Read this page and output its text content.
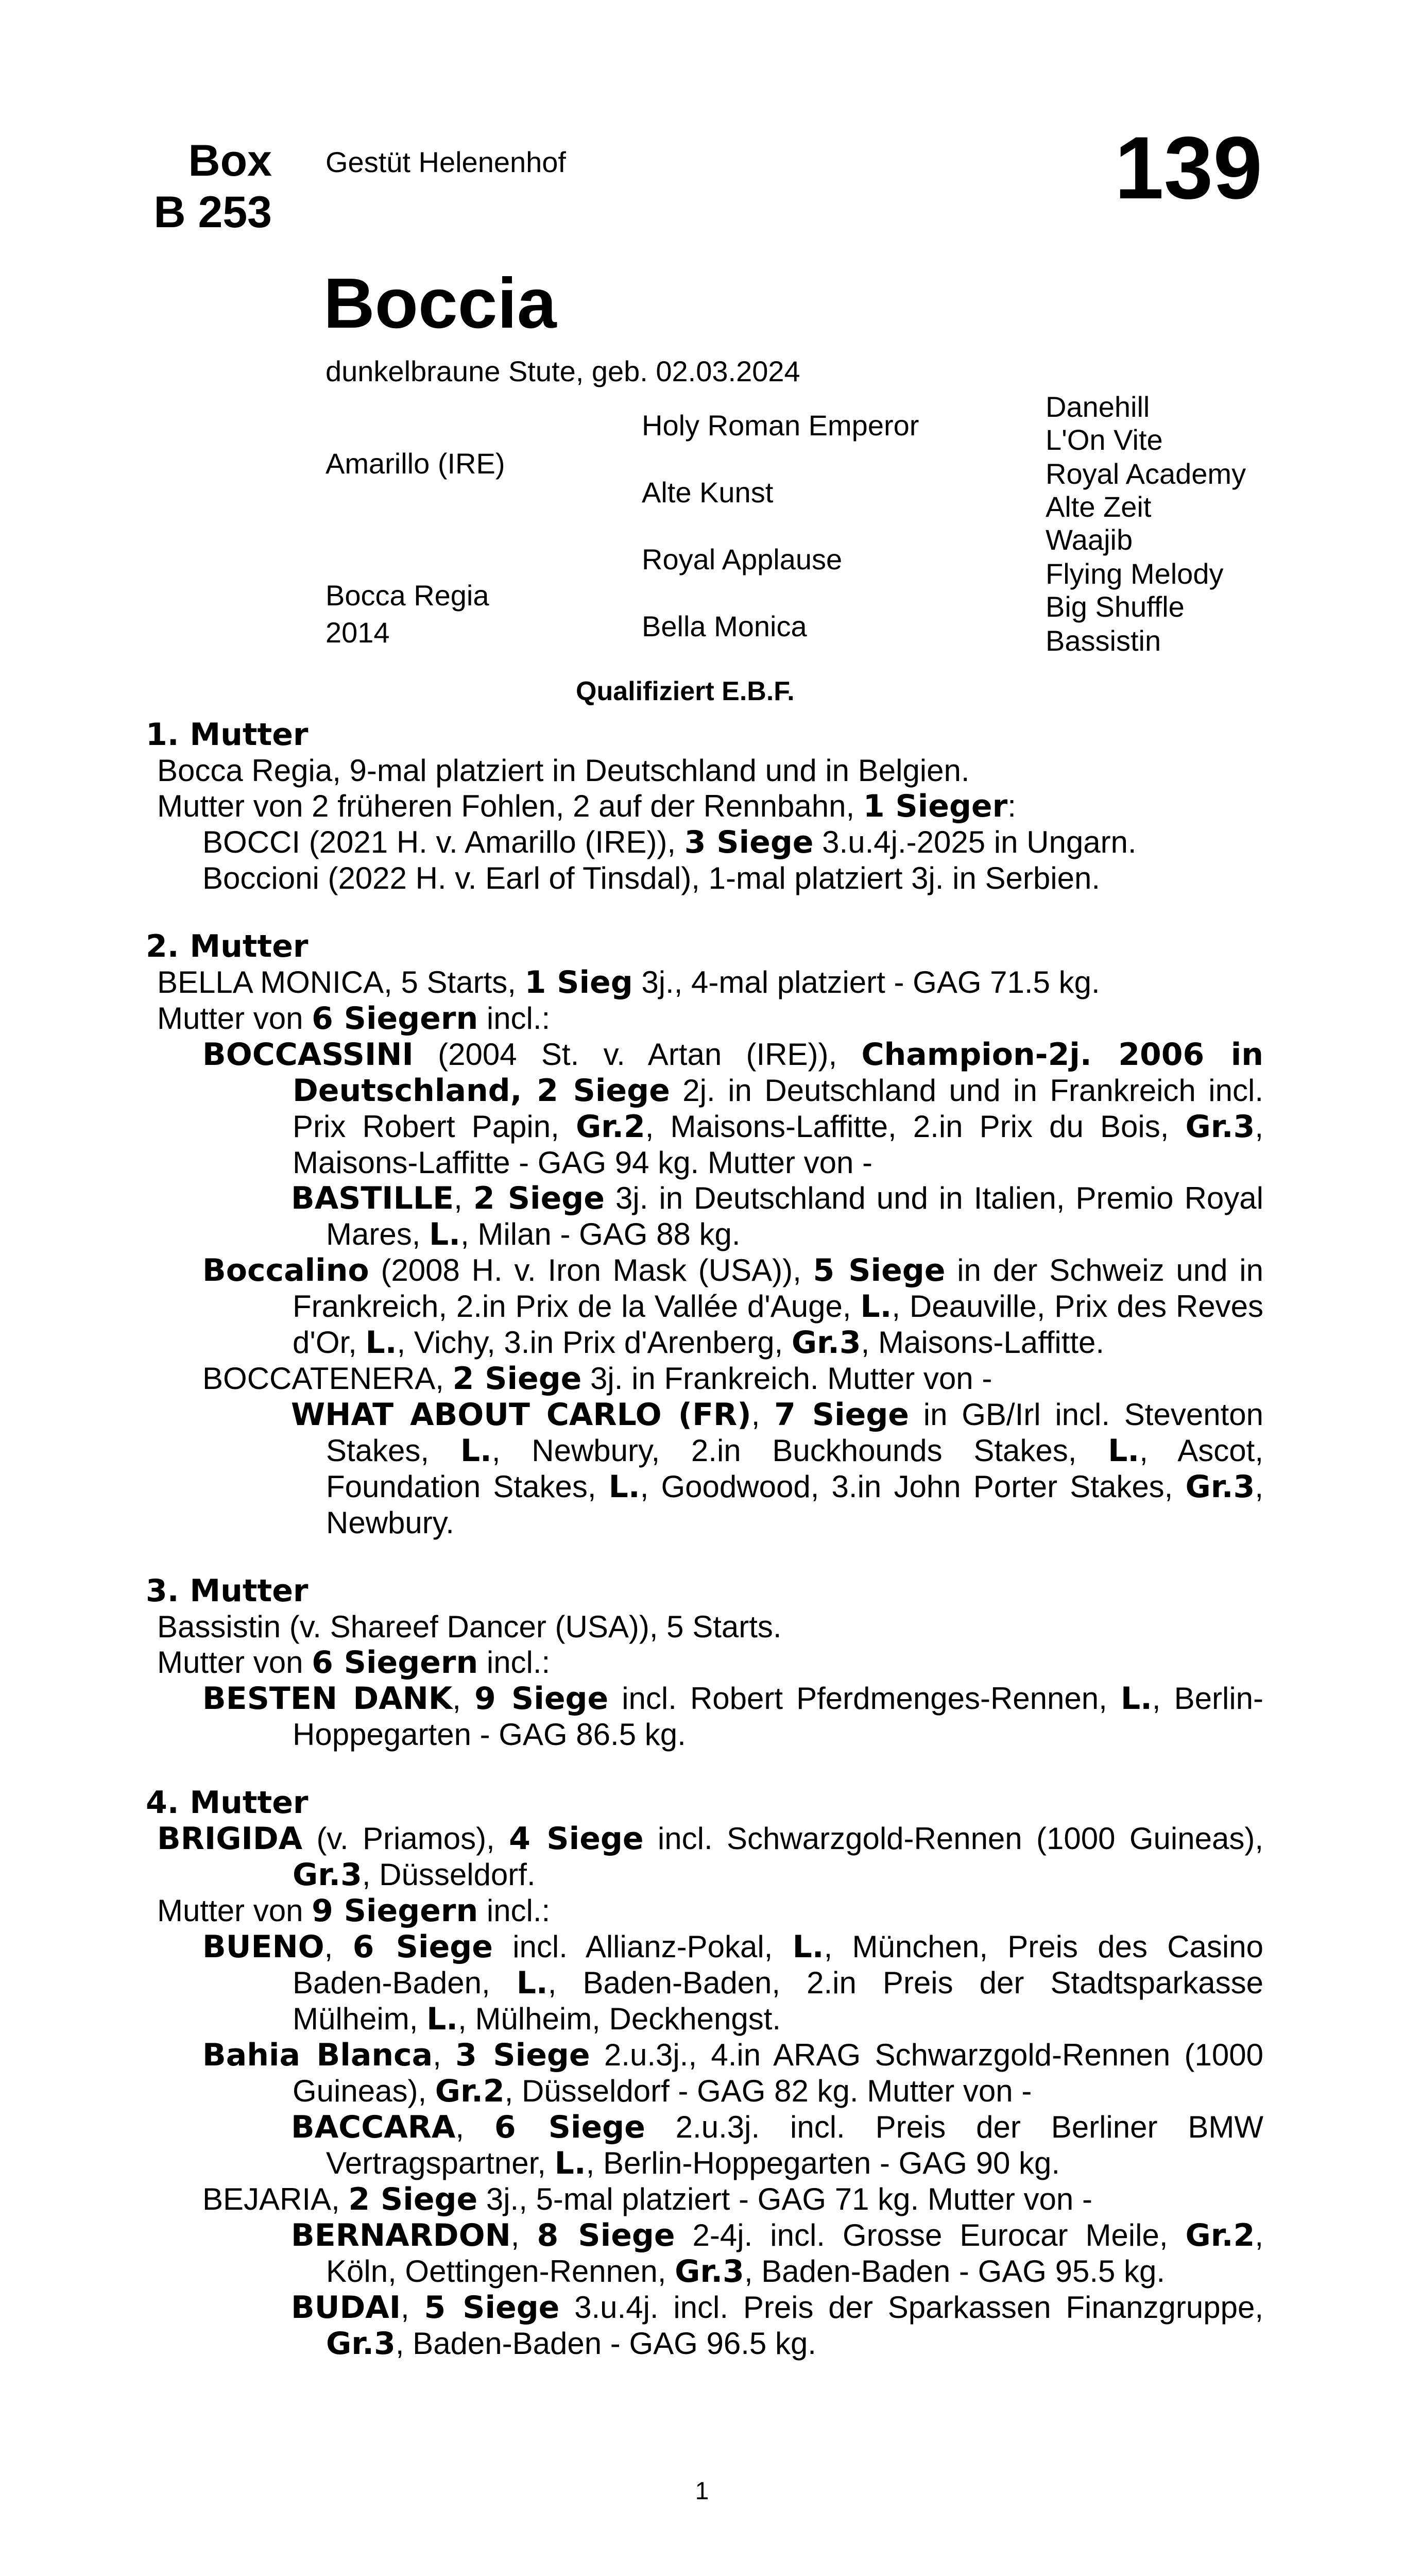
Box
B 253
Gestüt Helenenhof	139
Boccia
dunkelbraune Stute, geb. 02.03.2024
Amarillo (IRE)
Bocca Regia
2014
Holy Roman Emperor
Alte Kunst
Royal Applause
Bella Monica
Danehill
L'On Vite
Royal Academy
Alte Zeit
Waajib
Flying Melody
Big Shuffle
Bassistin
Qualifiziert E.B.F.

1. Mutter

Bocca Regia, 9-mal platziert in Deutschland und in Belgien.

Mutter von 2 früheren Fohlen, 2 auf der Rennbahn, 1 Sieger:

BOCCI (2021 H. v. Amarillo (IRE)), 3 Siege 3.u.4j.-2025 in Ungarn.

Boccioni (2022 H. v. Earl of Tinsdal), 1-mal platziert 3j. in Serbien.

2. Mutter

BELLA MONICA, 5 Starts, 1 Sieg 3j., 4-mal platziert - GAG 71.5 kg.

Mutter von 6 Siegern incl.:

BOCCASSINI (2004 St. v. Artan (IRE)), Champion-2j. 2006 in Deutschland, 2 Siege 2j. in Deutschland und in Frankreich incl. Prix Robert Papin, Gr.2, Maisons-Laffitte, 2.in Prix du Bois, Gr.3, Maisons-Laffitte - GAG 94 kg. Mutter von -

BASTILLE, 2 Siege 3j. in Deutschland und in Italien, Premio Royal Mares, L., Milan - GAG 88 kg.

Boccalino (2008 H. v. Iron Mask (USA)), 5 Siege in der Schweiz und in Frankreich, 2.in Prix de la Vallée d'Auge, L., Deauville, Prix des Reves d'Or, L., Vichy, 3.in Prix d'Arenberg, Gr.3, Maisons-Laffitte.

BOCCATENERA, 2 Siege 3j. in Frankreich. Mutter von -

WHAT ABOUT CARLO (FR), 7 Siege in GB/Irl incl. Steventon Stakes, L., Newbury, 2.in Buckhounds Stakes, L., Ascot, Foundation Stakes, L., Goodwood, 3.in John Porter Stakes, Gr.3, Newbury.

3. Mutter

Bassistin (v. Shareef Dancer (USA)), 5 Starts.

Mutter von 6 Siegern incl.:

BESTEN DANK, 9 Siege incl. Robert Pferdmenges-Rennen, L., Berlin-Hoppegarten - GAG 86.5 kg.

4. Mutter

BRIGIDA (v. Priamos), 4 Siege incl. Schwarzgold-Rennen (1000 Guineas), Gr.3, Düsseldorf.

Mutter von 9 Siegern incl.:

BUENO, 6 Siege incl. Allianz-Pokal, L., München, Preis des Casino Baden-Baden, L., Baden-Baden, 2.in Preis der Stadtsparkasse Mülheim, L., Mülheim, Deckhengst.

Bahia Blanca, 3 Siege 2.u.3j., 4.in ARAG Schwarzgold-Rennen (1000 Guineas), Gr.2, Düsseldorf - GAG 82 kg. Mutter von -

BACCARA, 6 Siege 2.u.3j. incl. Preis der Berliner BMW Vertragspartner, L., Berlin-Hoppegarten - GAG 90 kg.

BEJARIA, 2 Siege 3j., 5-mal platziert - GAG 71 kg. Mutter von -

BERNARDON, 8 Siege 2-4j. incl. Grosse Eurocar Meile, Gr.2, Köln, Oettingen-Rennen, Gr.3, Baden-Baden - GAG 95.5 kg.

BUDAI, 5 Siege 3.u.4j. incl. Preis der Sparkassen Finanzgruppe, Gr.3, Baden-Baden - GAG 96.5 kg.

1
